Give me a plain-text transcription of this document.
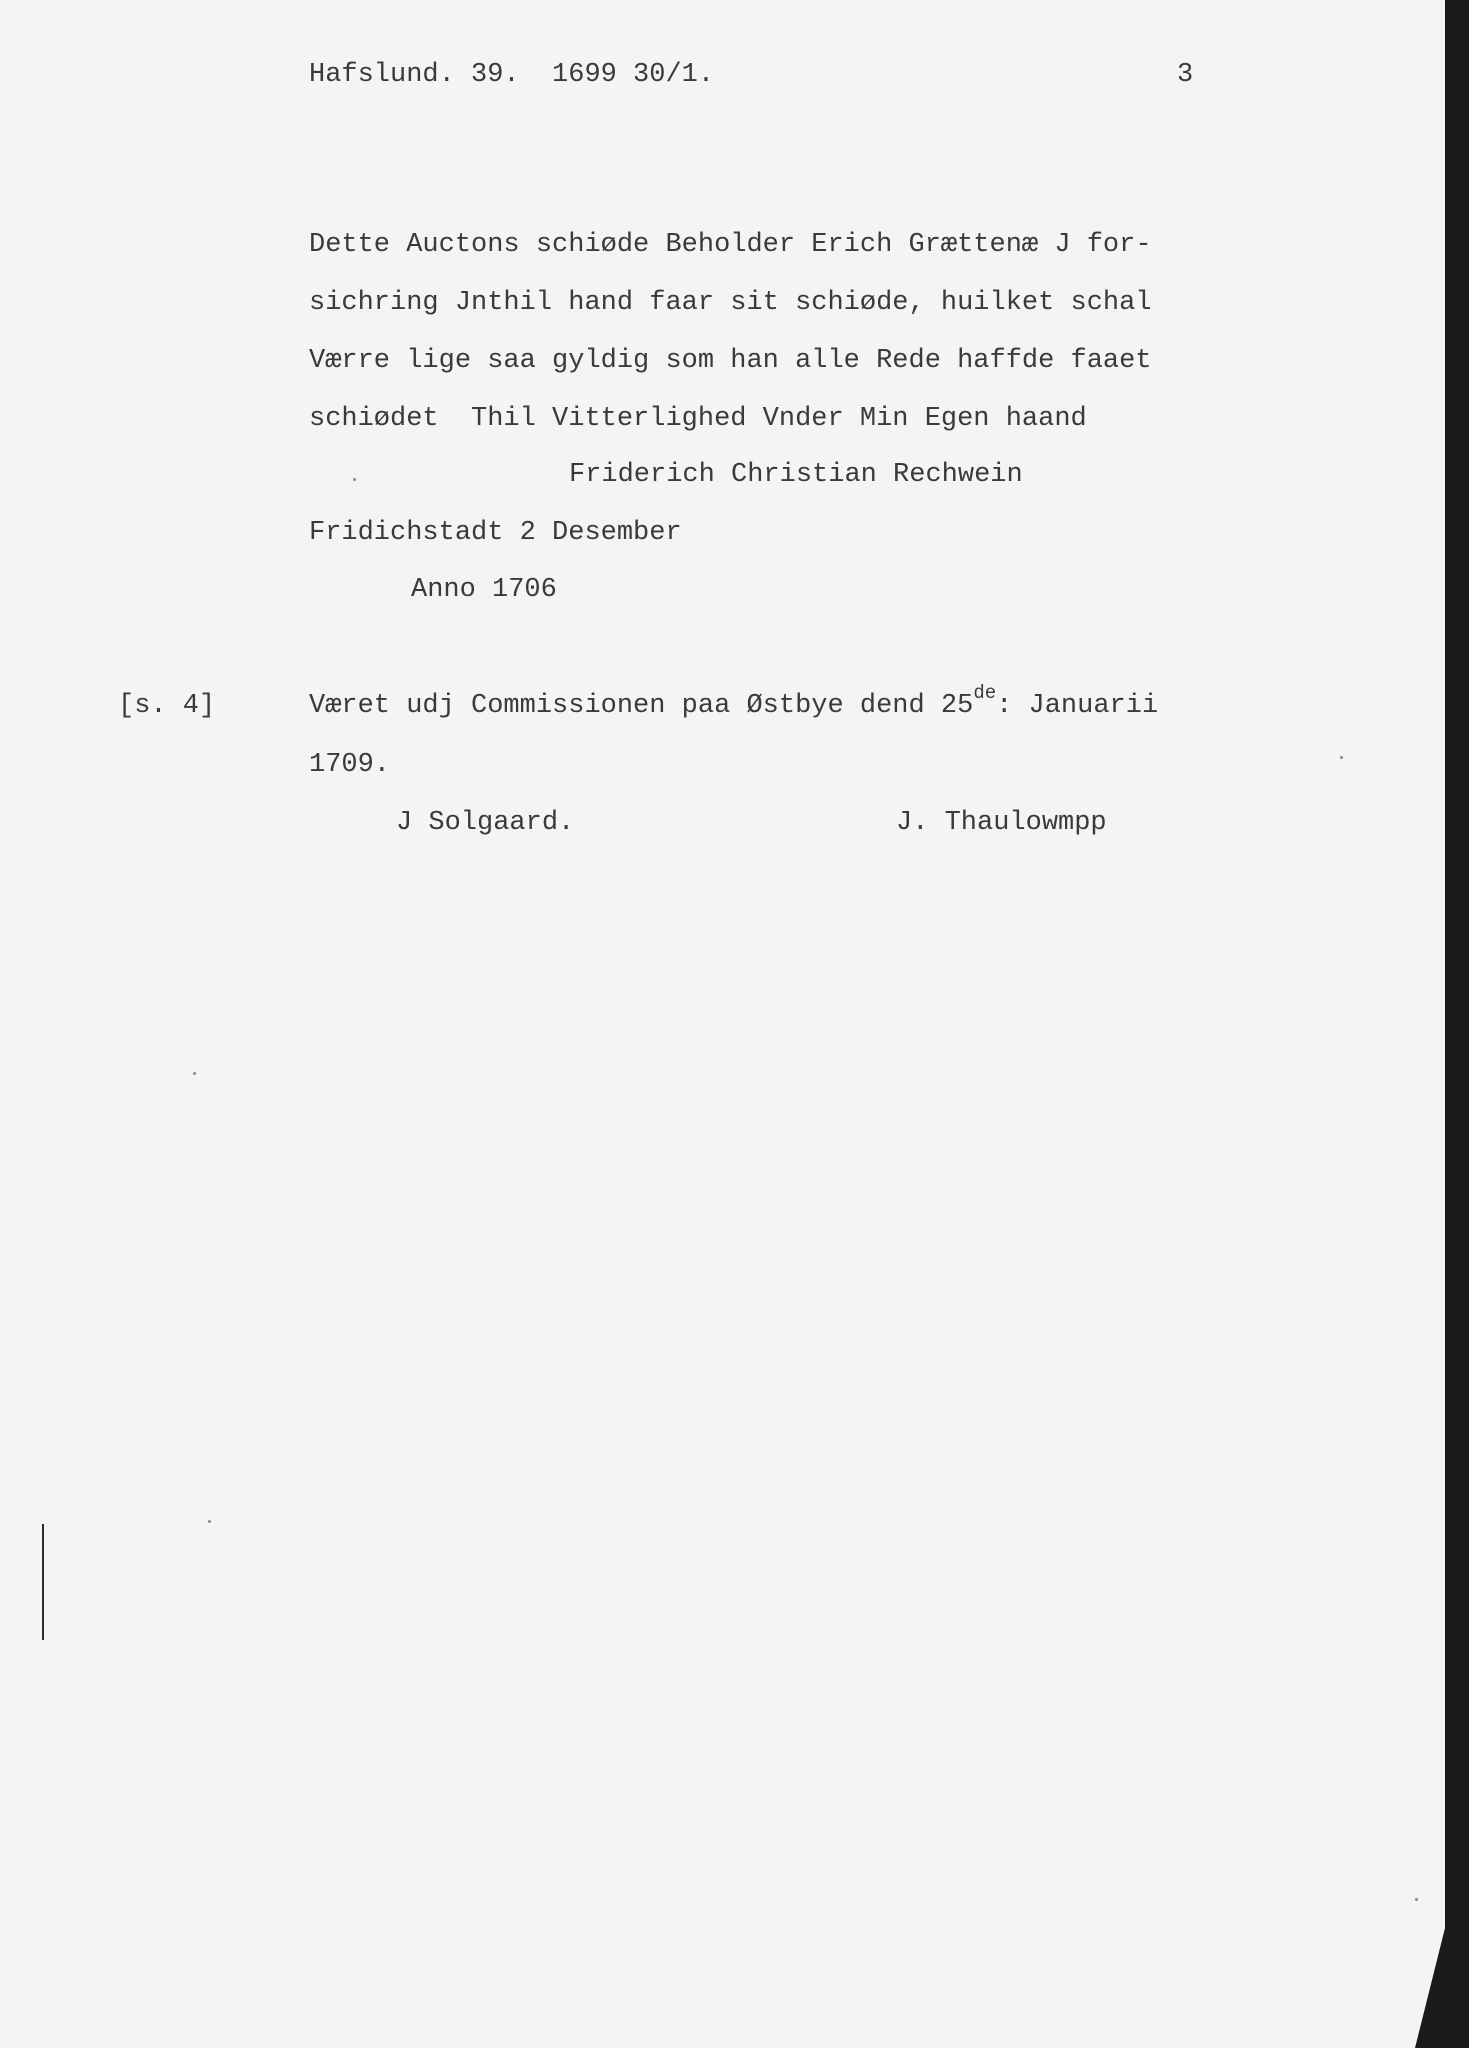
Hafslund. 39.  1699 30/1.	3

Dette Auctons schiøde Beholder Erich Grættenæ J for-

sichring Jnthil hand faar sit schiøde, huilket schal

Værre lige saa gyldig som han alle Rede haffde faaet

schiødet  Thil Vitterlighed Vnder Min Egen haand

Friderich Christian Rechwein

Fridichstadt 2 Desember

Anno 1706

[s. 4]	Været udj Commissionen paa Østbye dend 25de: Januarii

1709.

J Solgaard.	J. Thaulowmpp
